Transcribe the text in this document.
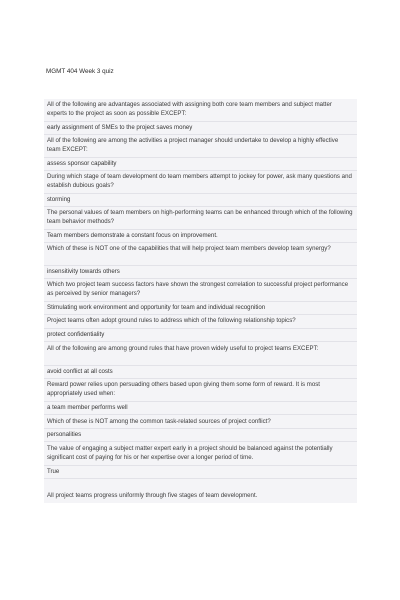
MGMT 404 Week 3 quiz
All of the following are advantages associated with assigning both core team members and subject matter experts to the project as soon as possible EXCEPT:
early assignment of SMEs to the project saves money
All of the following are among the activities a project manager should undertake to develop a highly effective team EXCEPT:
assess sponsor capability
During which stage of team development do team members attempt to jockey for power, ask many questions and establish dubious goals?
storming
The personal values of team members on high-performing teams can be enhanced through which of the following team behavior methods?
Team members demonstrate a constant focus on improvement.
Which of these is NOT one of the capabilities that will help project team members develop team synergy?
insensitivity towards others
Which two project team success factors have shown the strongest correlation to successful project performance as perceived by senior managers?
Stimulating work environment and opportunity for team and individual recognition
Project teams often adopt ground rules to address which of the following relationship topics?
protect confidentiality
All of the following are among ground rules that have proven widely useful to project teams EXCEPT:
avoid conflict at all costs
Reward power relies upon persuading others based upon giving them some form of reward. It is most appropriately used when:
a team member performs well
Which of these is NOT among the common task-related sources of project conflict?
personalities
The value of engaging a subject matter expert early in a project should be balanced against the potentially significant cost of paying for his or her expertise over a longer period of time.
True
All project teams progress uniformly through five stages of team development.
